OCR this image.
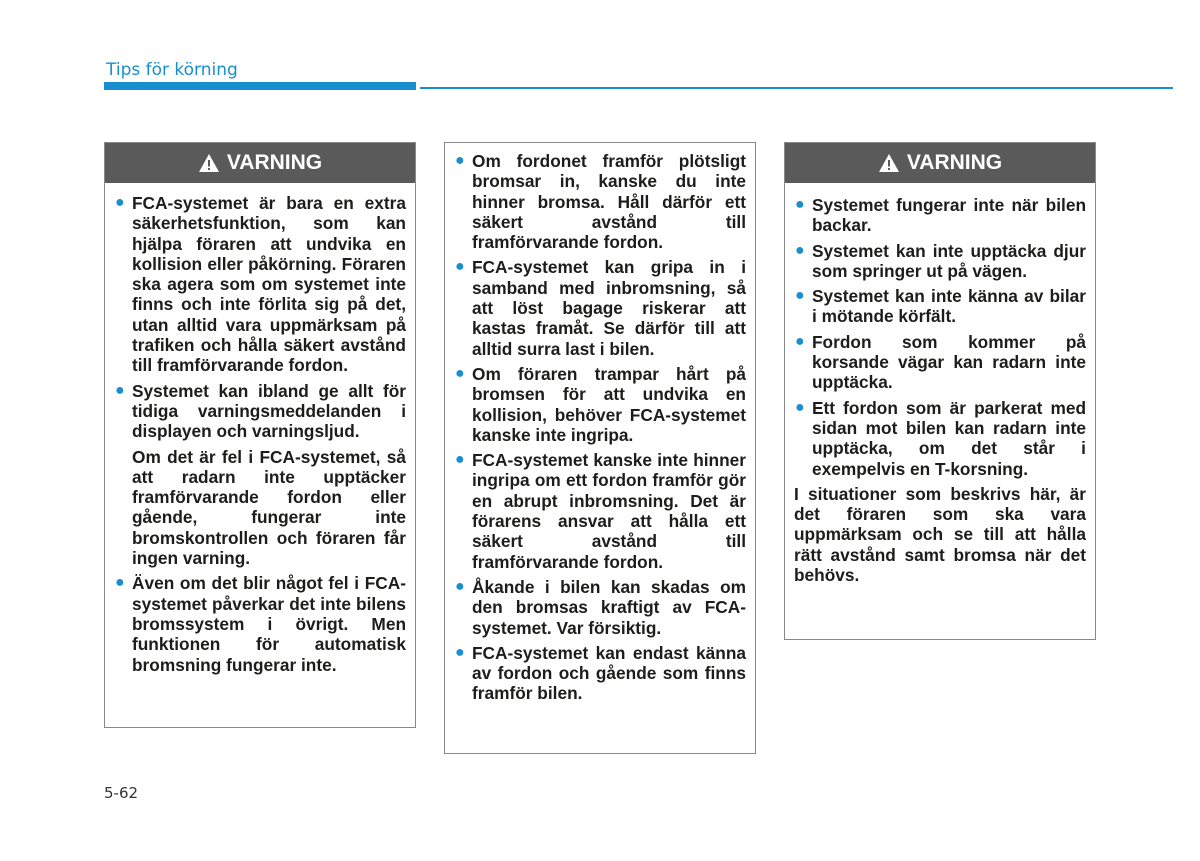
Tips för körning
VARNING
● FCA-systemet är bara en extra säkerhetsfunktion, som kan hjälpa föraren att undvika en kollision eller påkörning. Föraren ska agera som om systemet inte finns och inte förlita sig på det, utan alltid vara uppmärksam på trafiken och hålla säkert avstånd till framförvarande fordon.
● Systemet kan ibland ge allt för tidiga varningsmeddelanden i displayen och varningsljud.

Om det är fel i FCA-systemet, så att radarn inte upptäcker framförvarande fordon eller gående, fungerar inte bromskontrollen och föraren får ingen varning.

● Även om det blir något fel i FCA-systemet påverkar det inte bilens bromssystem i övrigt. Men funktionen för automatisk bromsning fungerar inte.
● Om fordonet framför plötsligt bromsar in, kanske du inte hinner bromsa. Håll därför ett säkert avstånd till framförvarande fordon.
● FCA-systemet kan gripa in i samband med inbromsning, så att löst bagage riskerar att kastas framåt. Se därför till att alltid surra last i bilen.
● Om föraren trampar hårt på bromsen för att undvika en kollision, behöver FCA-systemet kanske inte ingripa.
● FCA-systemet kanske inte hinner ingripa om ett fordon framför gör en abrupt inbromsning. Det är förarens ansvar att hålla ett säkert avstånd till framförvarande fordon.
● Åkande i bilen kan skadas om den bromsas kraftigt av FCA-systemet. Var försiktig.
● FCA-systemet kan endast känna av fordon och gående som finns framför bilen.
VARNING
● Systemet fungerar inte när bilen backar.
● Systemet kan inte upptäcka djur som springer ut på vägen.
● Systemet kan inte känna av bilar i mötande körfält.
● Fordon som kommer på korsande vägar kan radarn inte upptäcka.
● Ett fordon som är parkerat med sidan mot bilen kan radarn inte upptäcka, om det står i exempelvis en T-korsning.

I situationer som beskrivs här, är det föraren som ska vara uppmärksam och se till att hålla rätt avstånd samt bromsa när det behövs.

5-62
